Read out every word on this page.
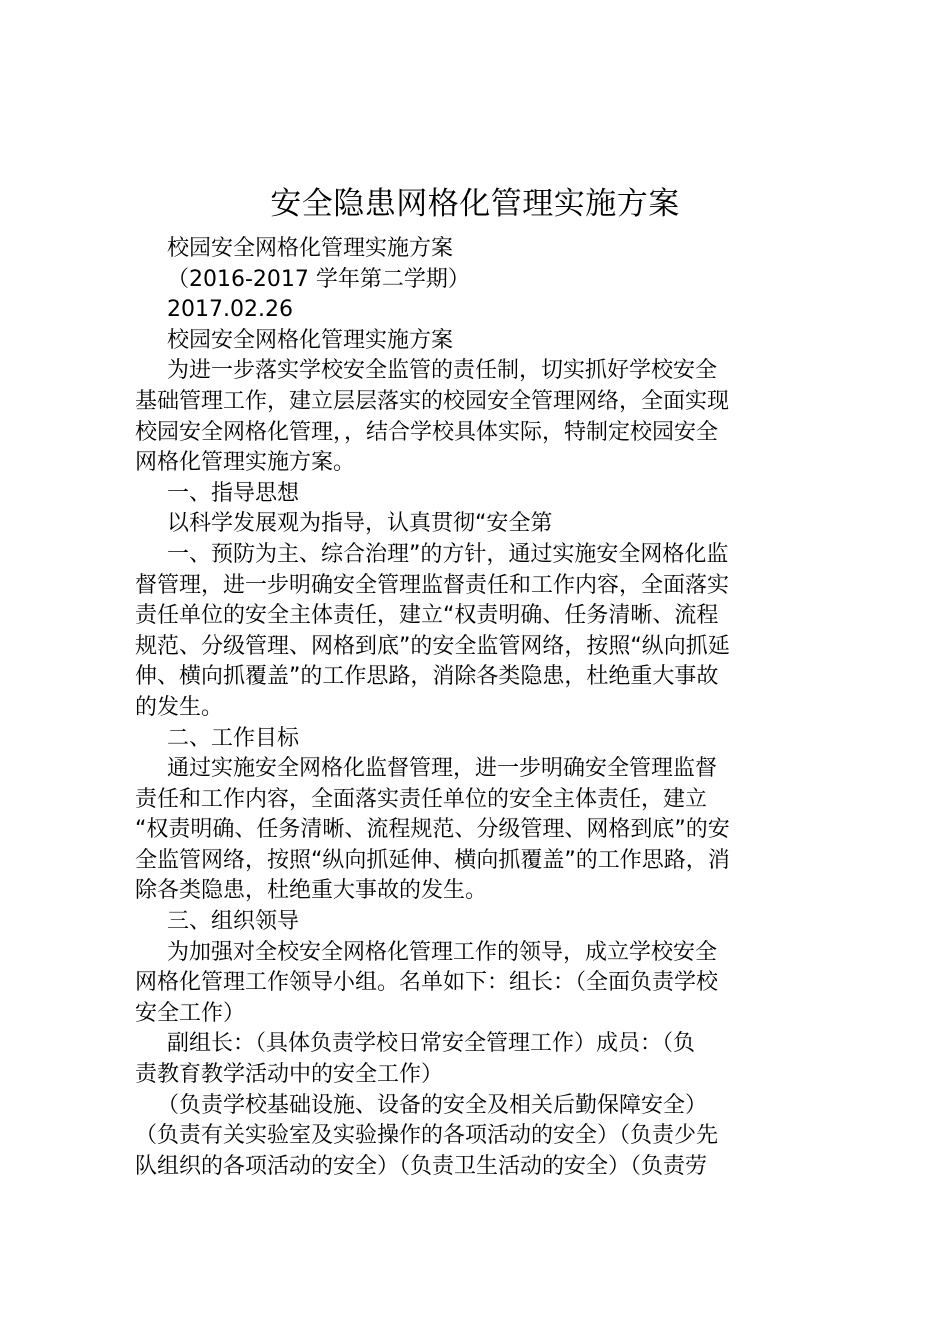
安全隐患网格化管理实施方案
校园安全网格化管理实施方案
（2016-2017 学年第二学期）
2017.02.26
校园安全网格化管理实施方案
为进一步落实学校安全监管的责任制，切实抓好学校安全
基础管理工作，建立层层落实的校园安全管理网络，全面实现
校园安全网格化管理，，结合学校具体实际，特制定校园安全
网格化管理实施方案。
一、指导思想
以科学发展观为指导，认真贯彻“安全第
一、预防为主、综合治理”的方针，通过实施安全网格化监
督管理，进一步明确安全管理监督责任和工作内容，全面落实
责任单位的安全主体责任，建立“权责明确、任务清晰、流程
规范、分级管理、网格到底”的安全监管网络，按照“纵向抓延
伸、横向抓覆盖”的工作思路，消除各类隐患，杜绝重大事故
的发生。
二、工作目标
通过实施安全网格化监督管理，进一步明确安全管理监督
责任和工作内容，全面落实责任单位的安全主体责任，建立
“权责明确、任务清晰、流程规范、分级管理、网格到底”的安
全监管网络，按照“纵向抓延伸、横向抓覆盖”的工作思路，消
除各类隐患，杜绝重大事故的发生。
三、组织领导
为加强对全校安全网格化管理工作的领导，成立学校安全
网格化管理工作领导小组。名单如下：组长：（全面负责学校
安全工作）
副组长：（具体负责学校日常安全管理工作）成员：（负
责教育教学活动中的安全工作）
（负责学校基础设施、设备的安全及相关后勤保障安全）
（负责有关实验室及实验操作的各项活动的安全）（负责少先
队组织的各项活动的安全）（负责卫生活动的安全）（负责劳
